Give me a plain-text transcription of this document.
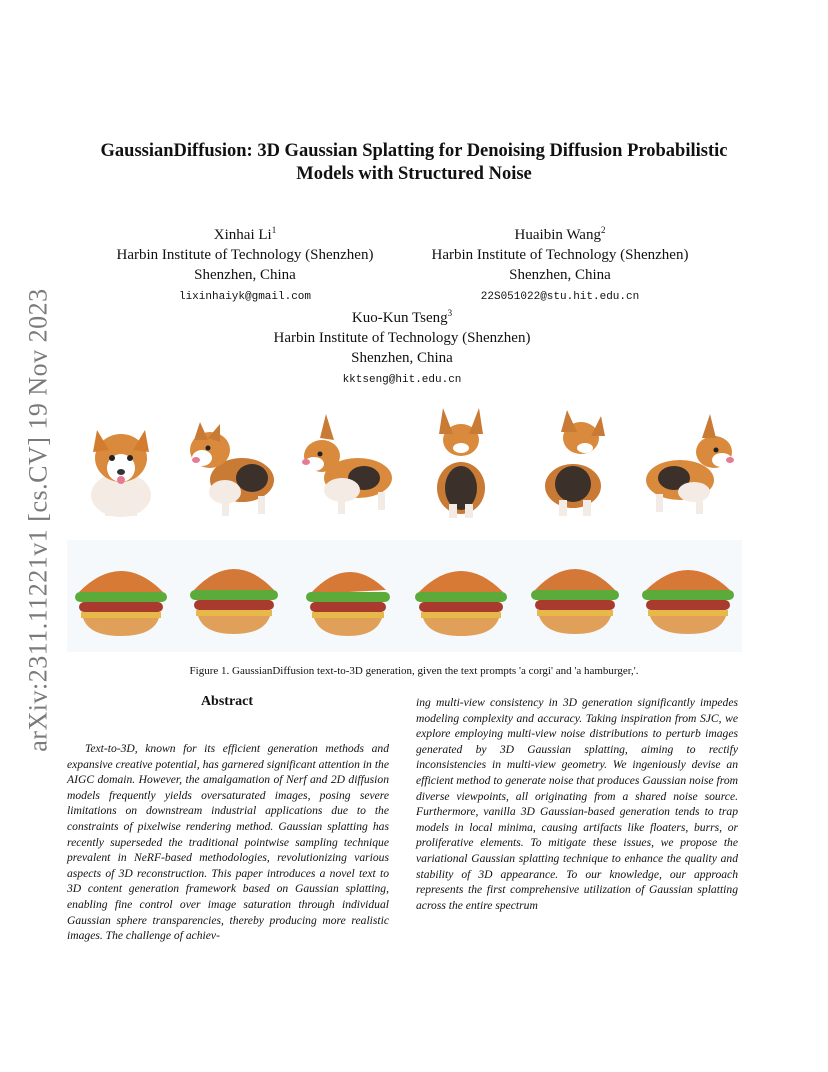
arXiv:2311.11221v1 [cs.CV] 19 Nov 2023
GaussianDiffusion: 3D Gaussian Splatting for Denoising Diffusion Probabilistic
Models with Structured Noise
Xinhai Li$^1$
Harbin Institute of Technology (Shenzhen)
Shenzhen, China
lixinhaiyk@gmail.com
Huaibin Wang$^2$
Harbin Institute of Technology (Shenzhen)
Shenzhen, China
22S051022@stu.hit.edu.cn
Kuo-Kun Tseng$^3$
Harbin Institute of Technology (Shenzhen)
Shenzhen, China
kktseng@hit.edu.cn
Figure 1. GaussianDiffusion text-to-3D generation, given the text prompts 'a corgi' and 'a hamburger,'.
Abstract
Text-to-3D, known for its efficient generation methods and expansive creative potential, has garnered significant attention in the AIGC domain. However, the amalgamation of Nerf and 2D diffusion models frequently yields oversaturated images, posing severe limitations on downstream industrial applications due to the constraints of pixelwise rendering method. Gaussian splatting has recently superseded the traditional pointwise sampling technique prevalent in NeRF-based methodologies, revolutionizing various aspects of 3D reconstruction. This paper introduces a novel text to 3D content generation framework based on Gaussian splatting, enabling fine control over image saturation through individual Gaussian sphere transparencies, thereby producing more realistic images. The challenge of achiev-
ing multi-view consistency in 3D generation significantly impedes modeling complexity and accuracy. Taking inspiration from SJC, we explore employing multi-view noise distributions to perturb images generated by 3D Gaussian splatting, aiming to rectify inconsistencies in multi-view geometry. We ingeniously devise an efficient method to generate noise that produces Gaussian noise from diverse viewpoints, all originating from a shared noise source. Furthermore, vanilla 3D Gaussian-based generation tends to trap models in local minima, causing artifacts like floaters, burrs, or proliferative elements. To mitigate these issues, we propose the variational Gaussian splatting technique to enhance the quality and stability of 3D appearance. To our knowledge, our approach represents the first comprehensive utilization of Gaussian splatting across the entire spectrum
